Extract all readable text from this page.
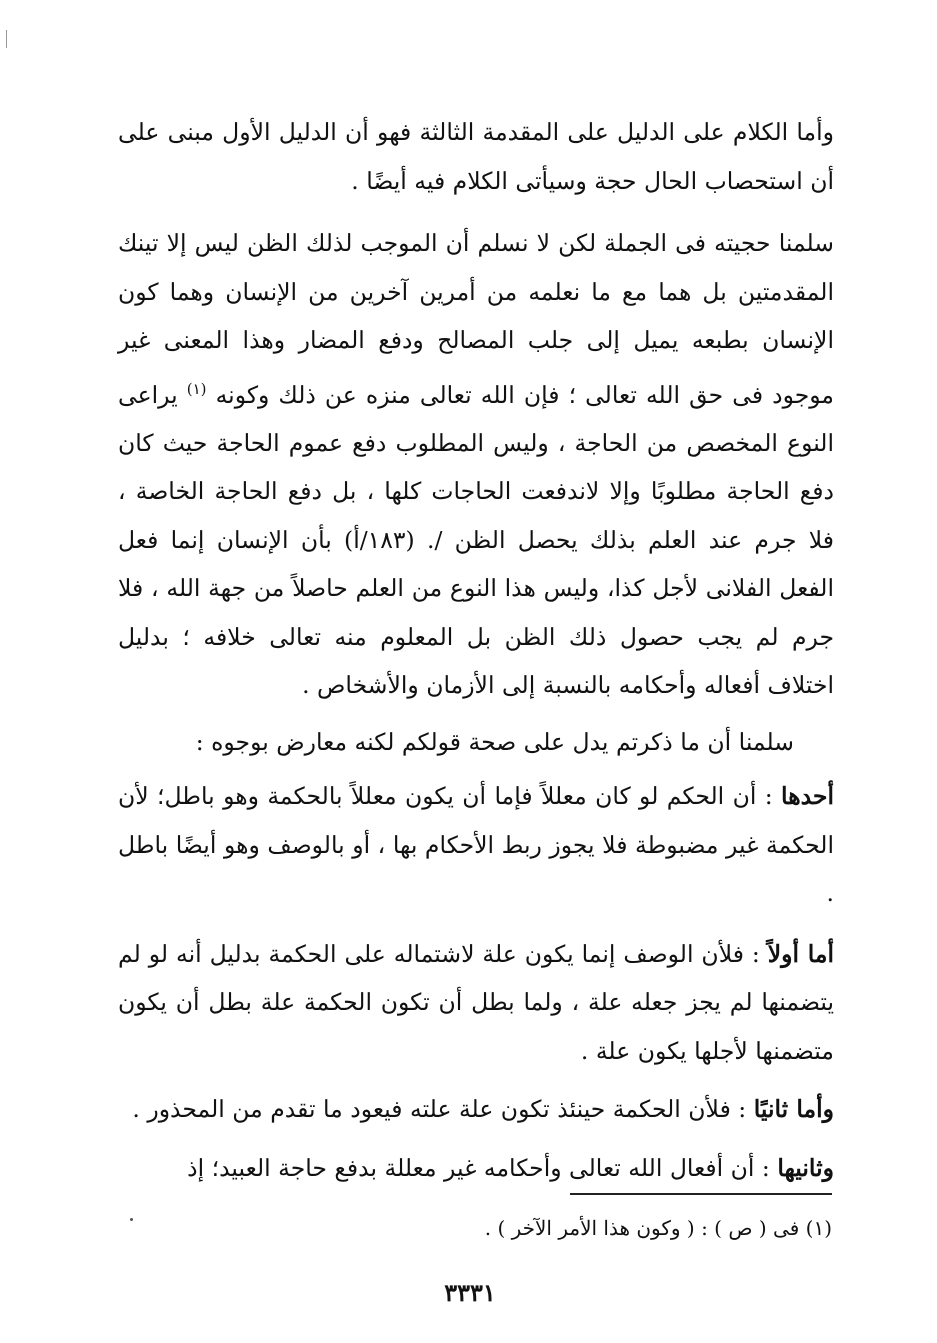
وأما الكلام على الدليل على المقدمة الثالثة فهو أن الدليل الأول مبنى على أن استحصاب الحال حجة وسيأتى الكلام فيه أيضًا .

سلمنا حجيته فى الجملة لكن لا نسلم أن الموجب لذلك الظن ليس إلا تينك المقدمتين بل هما مع ما نعلمه من أمرين آخرين من الإنسان وهما كون الإنسان بطبعه يميل إلى جلب المصالح ودفع المضار وهذا المعنى غير موجود فى حق الله تعالى ؛ فإن الله تعالى منزه عن ذلك وكونه $^{(١)}$ يراعى النوع المخصص من الحاجة ، وليس المطلوب دفع عموم الحاجة حيث كان دفع الحاجة مطلوبًا وإلا لاندفعت الحاجات كلها ، بل دفع الحاجة الخاصة ، فلا جرم عند العلم بذلك يحصل الظن /. (١٨٣/أ) بأن الإنسان إنما فعل الفعل الفلانى لأجل كذا، وليس هذا النوع من العلم حاصلاً من جهة الله ، فلا جرم لم يجب حصول ذلك الظن بل المعلوم منه تعالى خلافه ؛ بدليل اختلاف أفعاله وأحكامه بالنسبة إلى الأزمان والأشخاص .

سلمنا أن ما ذكرتم يدل على صحة قولكم لكنه معارض بوجوه :

أحدها : أن الحكم لو كان معللاً فإما أن يكون معللاً بالحكمة وهو باطل؛ لأن الحكمة غير مضبوطة فلا يجوز ربط الأحكام بها ، أو بالوصف وهو أيضًا باطل .

أما أولاً : فلأن الوصف إنما يكون علة لاشتماله على الحكمة بدليل أنه لو لم يتضمنها لم يجز جعله علة ، ولما بطل أن تكون الحكمة علة بطل أن يكون متضمنها لأجلها يكون علة .

وأما ثانيًا : فلأن الحكمة حينئذ تكون علة علته فيعود ما تقدم من المحذور .

وثانيها : أن أفعال الله تعالى وأحكامه غير معللة بدفع حاجة العبيد؛ إذ

(١) فى ( ص ) : ( وكون هذا الأمر الآخر ) .
٣٣٣١
